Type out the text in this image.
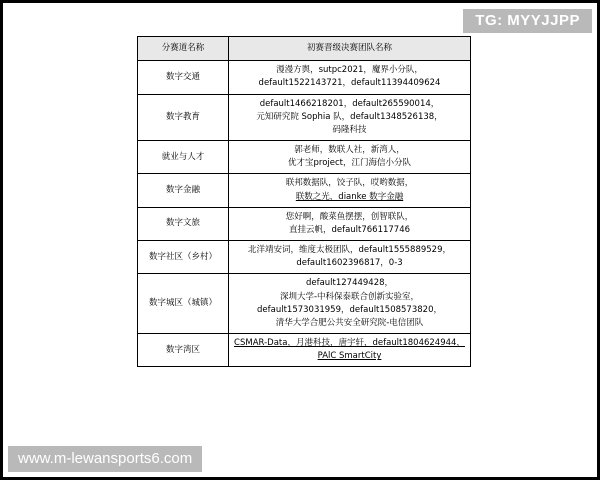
TG: MYYJJPP
分赛道名称	初赛晋级决赛团队名称
数字交通	漫漫方舆，sutpc2021，魔界小分队，
default1522143721，default11394409624

数字教育	default1466218201，default265590014，
元知研究院 Sophia 队，default1348526138，
码隆科技

就业与人才	郭老师，数联人社，新湾人，
优才宝project，江门海信小分队

数字金融	联邦数据队，饺子队，哎哟数据，
联数之光，dianke 数字金融

数字文旅	您好啊，酸菜鱼摆摆，创智联队，
直挂云帆，default766117746

数字社区（乡村）	北洋靖安词，维度太极团队，default1555889529，
default1602396817，0-3

数字城区（城镇）	default127449428，
深圳大学-中科保泰联合创新实验室，
default1573031959，default1508573820，
清华大学合肥公共安全研究院-电信团队

数字湾区	CSMAR-Data，月港科技，唐宇轩，default1804624944，
PAlC SmartCity
www.m-lewansports6.com
